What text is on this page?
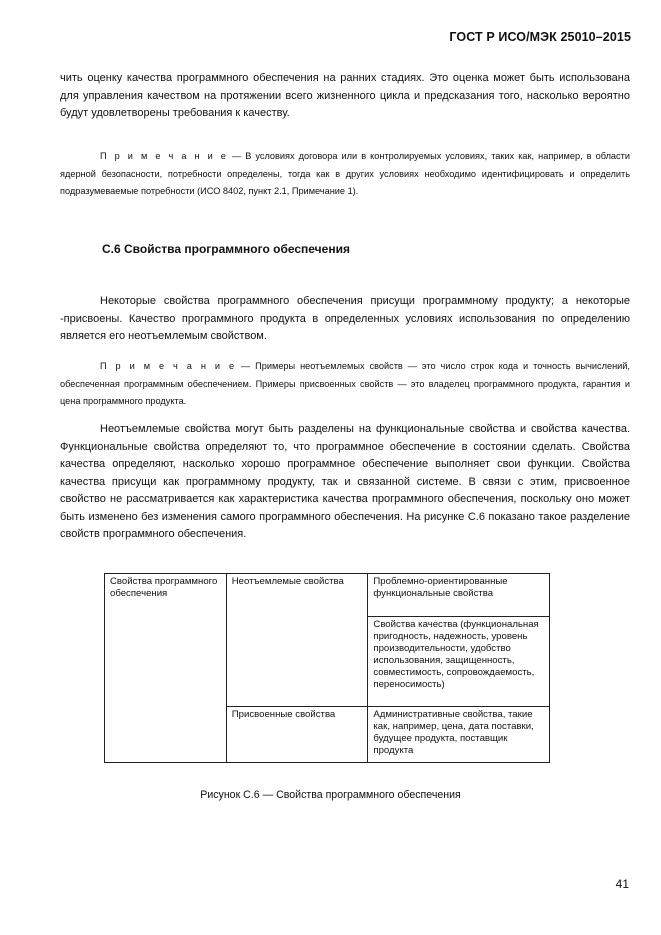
ГОСТ Р ИСО/МЭК 25010–2015

чить оценку качества программного обеспечения на ранних стадиях. Это оценка может быть использована для управления качеством на протяжении всего жизненного цикла и предсказания того, насколько вероятно будут удовлетворены требования к качеству.

П р и м е ч а н и е — В условиях договора или в контролируемых условиях, таких как, например, в области ядерной безопасности, потребности определены, тогда как в других условиях необходимо идентифицировать и определить подразумеваемые потребности (ИСО 8402, пункт 2.1, Примечание 1).

С.6 Свойства программного обеспечения

Некоторые свойства программного обеспечения присущи программному продукту; а некоторые -присвоены. Качество программного продукта в определенных условиях использования по определению является его неотъемлемым свойством.

П р и м е ч а н и е — Примеры неотъемлемых свойств — это число строк кода и точность вычислений, обеспеченная программным обеспечением. Примеры присвоенных свойств — это владелец программного продукта, гарантия и цена программного продукта.

Неотъемлемые свойства могут быть разделены на функциональные свойства и свойства качества. Функциональные свойства определяют то, что программное обеспечение в состоянии сделать. Свойства качества определяют, насколько хорошо программное обеспечение выполняет свои функции. Свойства качества присущи как программному продукту, так и связанной системе. В связи с этим, присвоенное свойство не рассматривается как характеристика качества программного обеспечения, поскольку оно может быть изменено без изменения самого программного обеспечения. На рисунке С.6 показано такое разделение свойств программного обеспечения.

Свойства программного обеспечения	Неотъемлемые свойства	Проблемно-ориентированные функциональные свойства
		Свойства качества (функциональная пригодность, надежность, уровень производительности, удобство использования, защищенность, совместимость, сопровождаемость, переносимость)
	Присвоенные свойства	Административные свойства, такие как, например, цена, дата поставки, будущее продукта, поставщик продукта
Рисунок С.6 — Свойства программного обеспечения
41
